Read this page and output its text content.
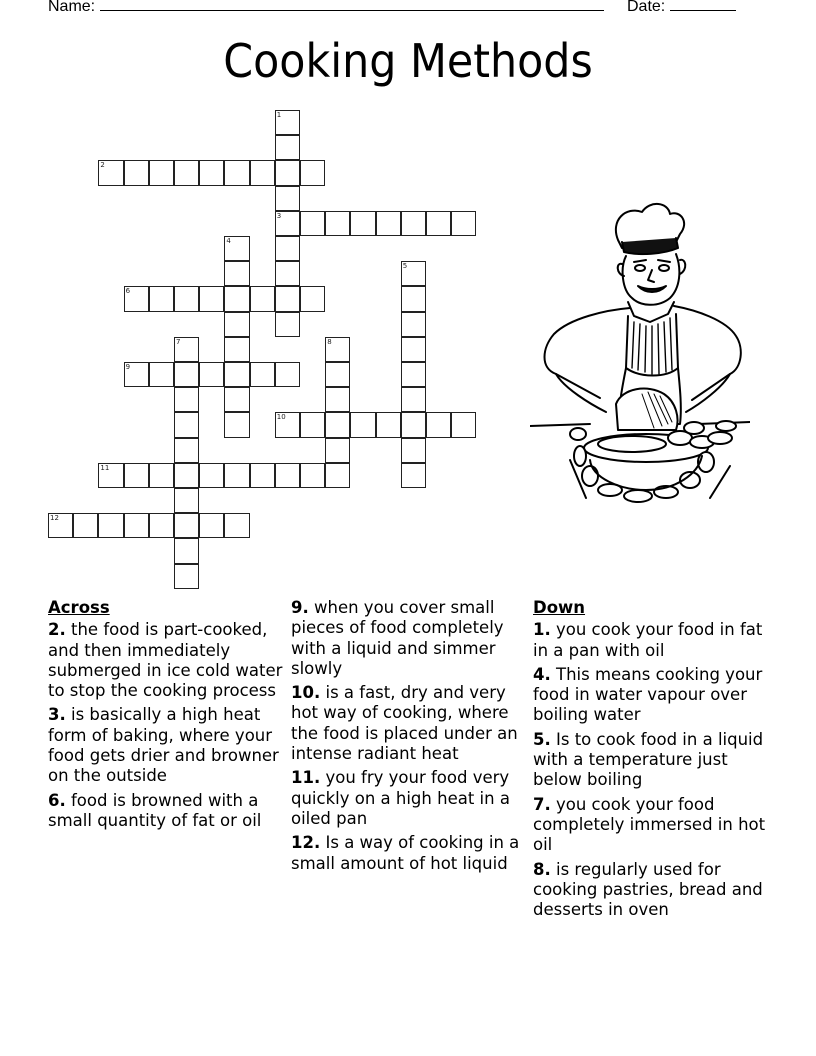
Name:	Date:
Cooking Methods
1
3
2
4
5
6
7	8
9
10
11
12
Across
2. the food is part-cooked, and then immediately submerged in ice cold water to stop the cooking process
3. is basically a high heat form of baking, where your food gets drier and browner on the outside
6. food is browned with a small quantity of fat or oil
9. when you cover small pieces of food completely with a liquid and simmer slowly
10. is a fast, dry and very hot way of cooking, where the food is placed under an intense radiant heat
11. you fry your food very quickly on a high heat in a oiled pan
12. Is a way of cooking in a small amount of hot liquid
Down
1. you cook your food in fat in a pan with oil
4. This means cooking your food in water vapour over boiling water
5. Is to cook food in a liquid with a temperature just below boiling
7. you cook your food completely immersed in hot oil
8. is regularly used for cooking pastries, bread and desserts in oven
